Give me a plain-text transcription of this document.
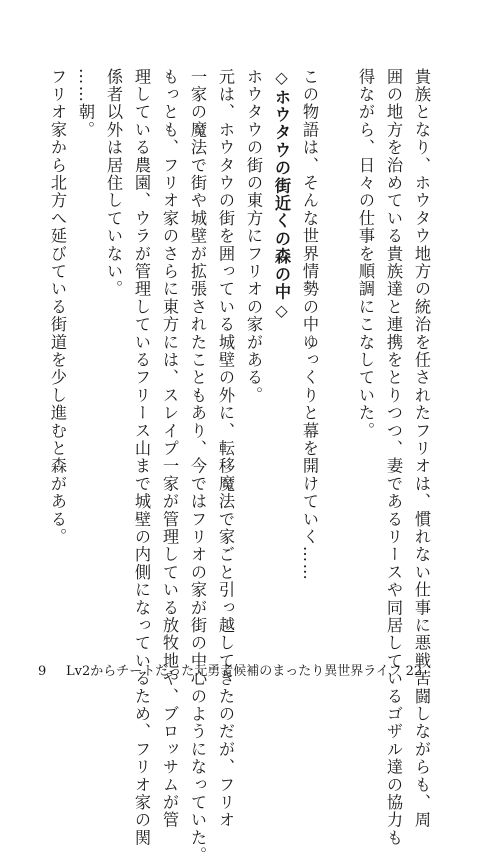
貴族となり、ホウタウ地方の統治を任されたフリオは、慣れない仕事に悪戦苦闘しながらも、周
囲の地方を治めている貴族達と連携をとりつつ、妻であるリースや同居しているゴザル達の協力も
得ながら、日々の仕事を順調にこなしていた。
この物語は、そんな世界情勢の中ゆっくりと幕を開けていく……
◇ホウタウの街近くの森の中◇
ホウタウの街の東方にフリオの家がある。
元は、ホウタウの街を囲っている城壁の外に、転移魔法で家ごと引っ越してきたのだが、フリオ
一家の魔法で街や城壁が拡張されたこともあり、今ではフリオの家が街の中心のようになっていた。
もっとも、フリオ家のさらに東方には、スレイプ一家が管理している放牧地や、ブロッサムが管
理している農園、ウラが管理しているフリース山まで城壁の内側になっているため、フリオ家の関
係者以外は居住していない。
……朝。
フリオ家から北方へ延びている街道を少し進むと森がある。
9 Lv2からチートだった元勇者候補のまったり異世界ライフ 22
